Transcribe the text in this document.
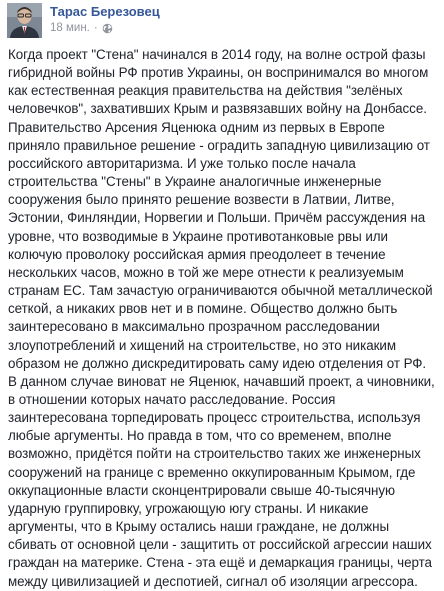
Тарас Березовец
18 мин. ·
Когда проект "Стена" начинался в 2014 году, на волне острой фазы гибридной войны РФ против Украины, он воспринимался во многом как естественная реакция правительства на действия "зелёных человечков", захвативших Крым и развязавших войну на Донбассе. Правительство Арсения Яценюка одним из первых в Европе приняло правильное решение - оградить западную цивилизацию от российского авторитаризма. И уже только после начала строительства "Стены" в Украине аналогичные инженерные сооружения было принято решение возвести в Латвии, Литве, Эстонии, Финляндии, Норвегии и Польши. Причём рассуждения на уровне, что возводимые в Украине противотанковые рвы или колючую проволоку российская армия преодолеет в течение нескольких часов, можно в той же мере отнести к реализуемым странам ЕС. Там зачастую ограничиваются обычной металлической сеткой, а никаких рвов нет и в помине. Общество должно быть заинтересовано в максимально прозрачном расследовании злоупотреблений и хищений на строительстве, но это никаким образом не должно дискредитировать саму идею отделения от РФ. В данном случае виноват не Яценюк, начавший проект, а чиновники, в отношении которых начато расследование. Россия заинтересована торпедировать процесс строительства, используя любые аргументы. Но правда в том, что со временем, вполне возможно, придётся пойти на строительство таких же инженерных сооружений на границе с временно оккупированным Крымом, где оккупационные власти сконцентрировали свыше 40-тысячную ударную группировку, угрожающую югу страны. И никакие аргументы, что в Крыму остались наши граждане, не должны сбивать от основной цели - защитить от российской агрессии наших граждан на материке. Стена - эта ещё и демаркация границы, черта между цивилизацией и деспотией, сигнал об изоляции агрессора.
